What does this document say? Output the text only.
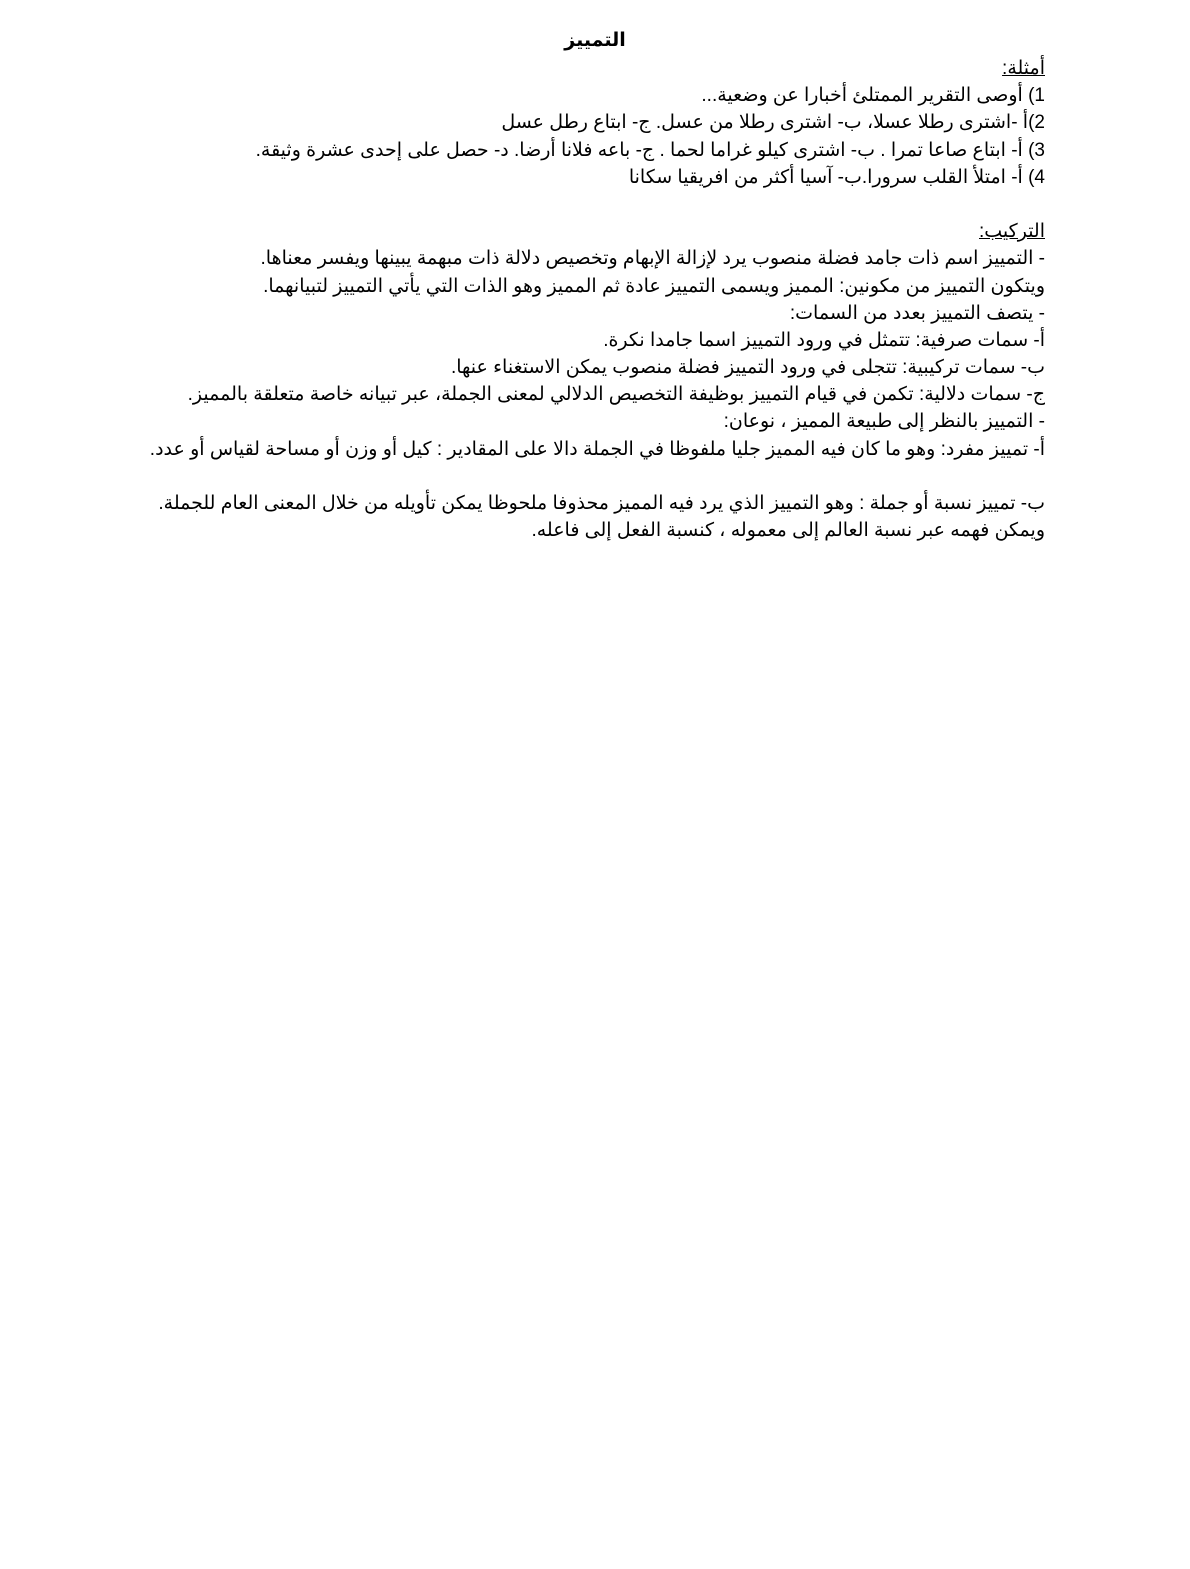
التمييز
أمثلة:
1) أوصى التقرير الممتلئ أخبارا عن وضعية...
2)أ -اشترى رطلا عسلا، ب- اشترى رطلا من عسل. ج- ابتاع رطل عسل
3) أ- ابتاع صاعا تمرا . ب- اشترى كيلو غراما لحما . ج- باعه فلانا أرضا. د- حصل على إحدى عشرة وثيقة.
4) أ- امتلأ القلب سرورا.ب- آسيا أكثر من افريقيا سكانا
التركيب:
- التمييز اسم ذات جامد فضلة منصوب يرد لإزالة الإبهام وتخصيص دلالة ذات مبهمة يبينها ويفسر معناها.
ويتكون التمييز من مكونين: المميز ويسمى التمييز عادة ثم المميز وهو الذات التي يأتي التمييز لتبيانهما.
- يتصف التمييز بعدد من السمات:
أ- سمات صرفية: تتمثل في ورود التمييز اسما جامدا نكرة.
ب- سمات تركيبية: تتجلى في ورود التمييز فضلة منصوب يمكن الاستغناء عنها.
ج- سمات دلالية: تكمن في قيام التمييز بوظيفة التخصيص الدلالي لمعنى الجملة، عبر تبيانه خاصة متعلقة بالمميز.
- التمييز بالنظر إلى طبيعة المميز ، نوعان:
أ- تمييز مفرد: وهو ما كان فيه المميز جليا ملفوظا في الجملة دالا على المقادير : كيل أو وزن أو مساحة لقياس أو عدد.
ب- تمييز نسبة أو جملة : وهو التمييز الذي يرد فيه المميز محذوفا ملحوظا يمكن تأويله من خلال المعنى العام للجملة.
ويمكن فهمه عبر نسبة العالم إلى معموله ، كنسبة الفعل إلى فاعله.
